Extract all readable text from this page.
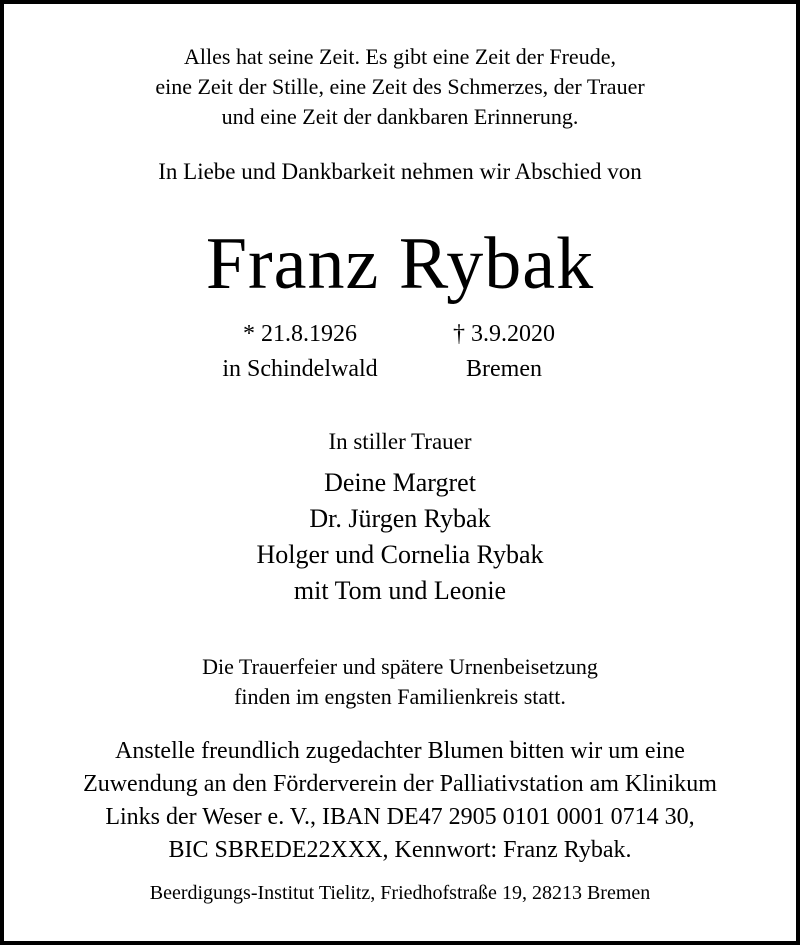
Alles hat seine Zeit. Es gibt eine Zeit der Freude,
eine Zeit der Stille, eine Zeit des Schmerzes, der Trauer
und eine Zeit der dankbaren Erinnerung.
In Liebe und Dankbarkeit nehmen wir Abschied von
Franz Rybak
* 21.8.1926
in Schindelwald
† 3.9.2020
Bremen
In stiller Trauer
Deine Margret
Dr. Jürgen Rybak
Holger und Cornelia Rybak
mit Tom und Leonie
Die Trauerfeier und spätere Urnenbeisetzung
finden im engsten Familienkreis statt.
Anstelle freundlich zugedachter Blumen bitten wir um eine
Zuwendung an den Förderverein der Palliativstation am Klinikum
Links der Weser e. V., IBAN DE47 2905 0101 0001 0714 30,
BIC SBREDE22XXX, Kennwort: Franz Rybak.
Beerdigungs-Institut Tielitz, Friedhofstraße 19, 28213 Bremen
